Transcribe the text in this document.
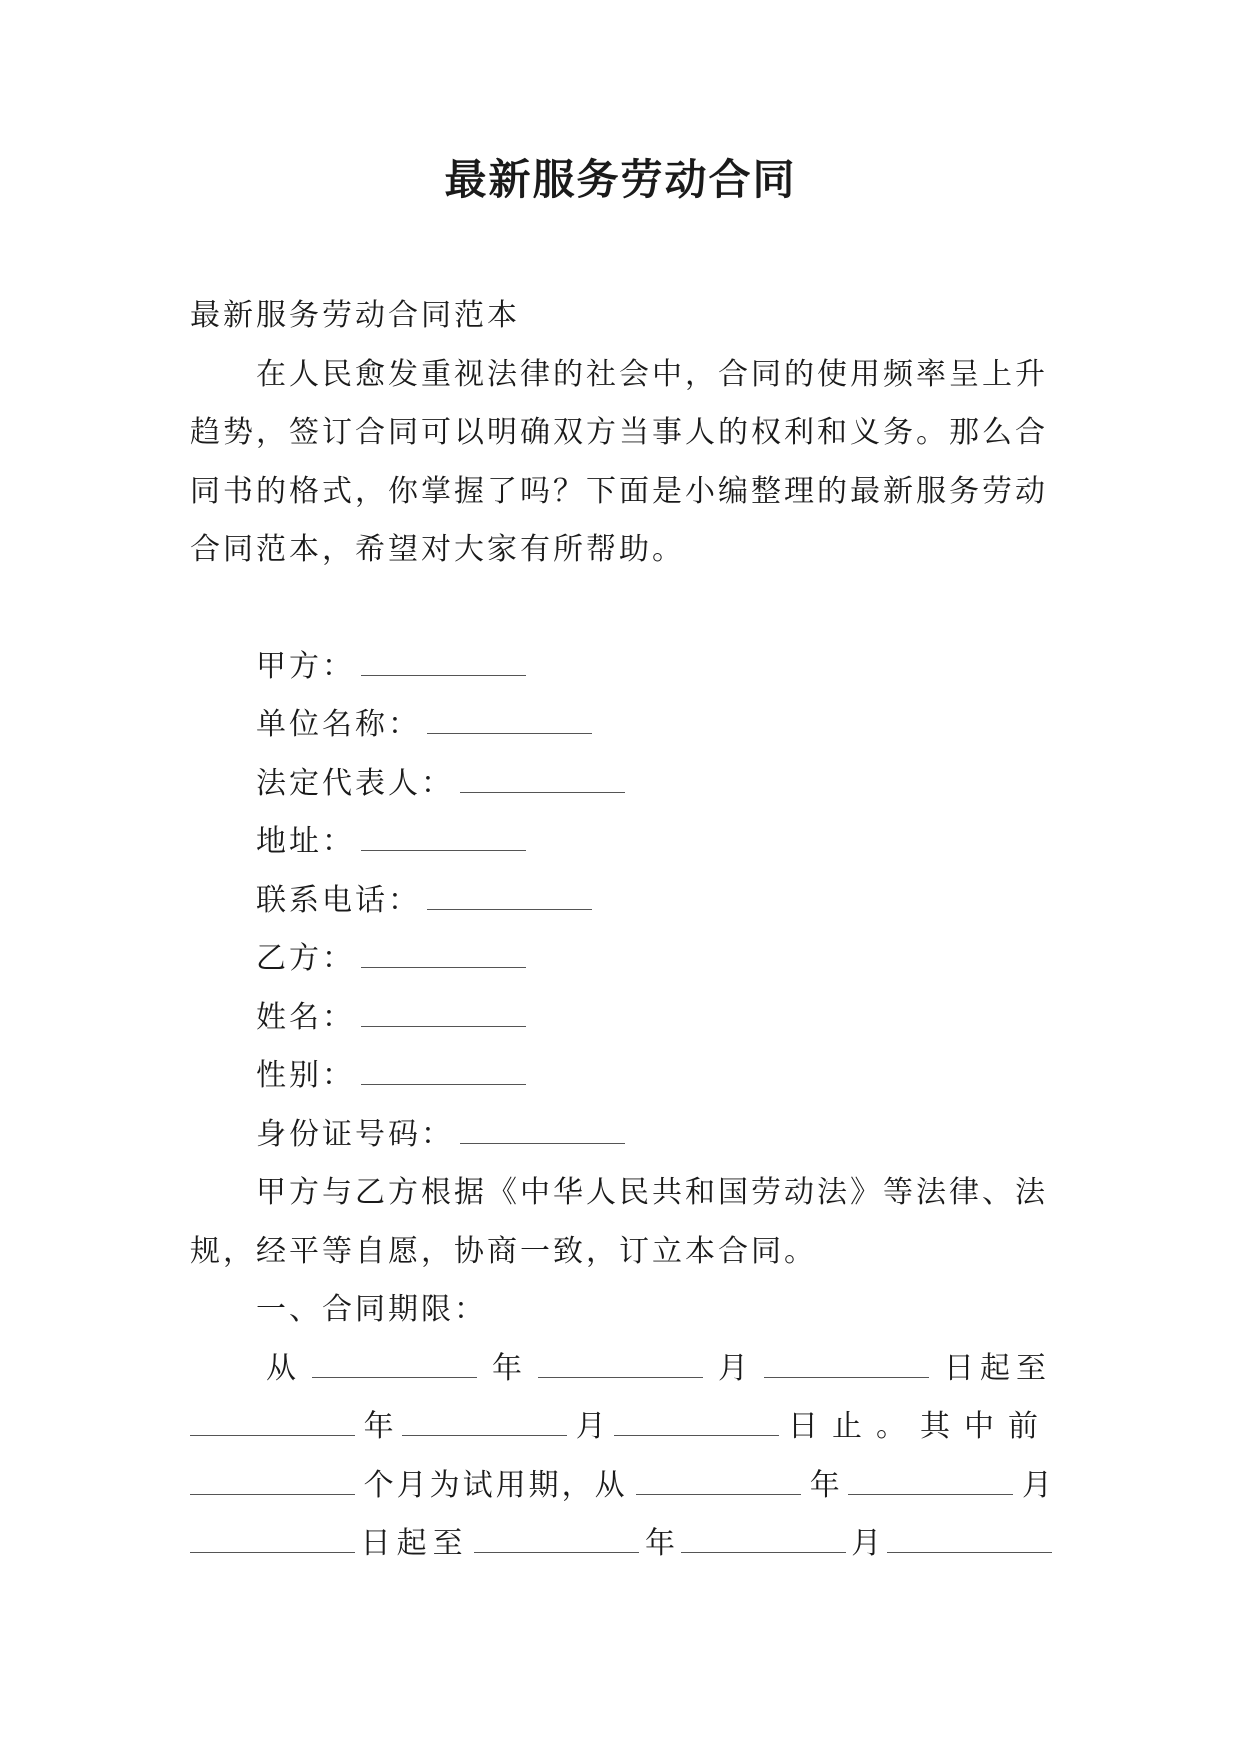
最新服务劳动合同

最新服务劳动合同范本

在人民愈发重视法律的社会中，合同的使用频率呈上升

趋势，签订合同可以明确双方当事人的权利和义务。那么合

同书的格式，你掌握了吗？下面是小编整理的最新服务劳动

合同范本，希望对大家有所帮助。

甲方：
单位名称：
法定代表人：
地址：
联系电话：
乙方：
姓名：
性别：
身份证号码：

甲方与乙方根据《中华人民共和国劳动法》等法律、法

规，经平等自愿，协商一致，订立本合同。

一、合同期限：

从	年	月	日起至
年	月	日止。其中前
个月为试用期，从	年	月
日起至	年	月
